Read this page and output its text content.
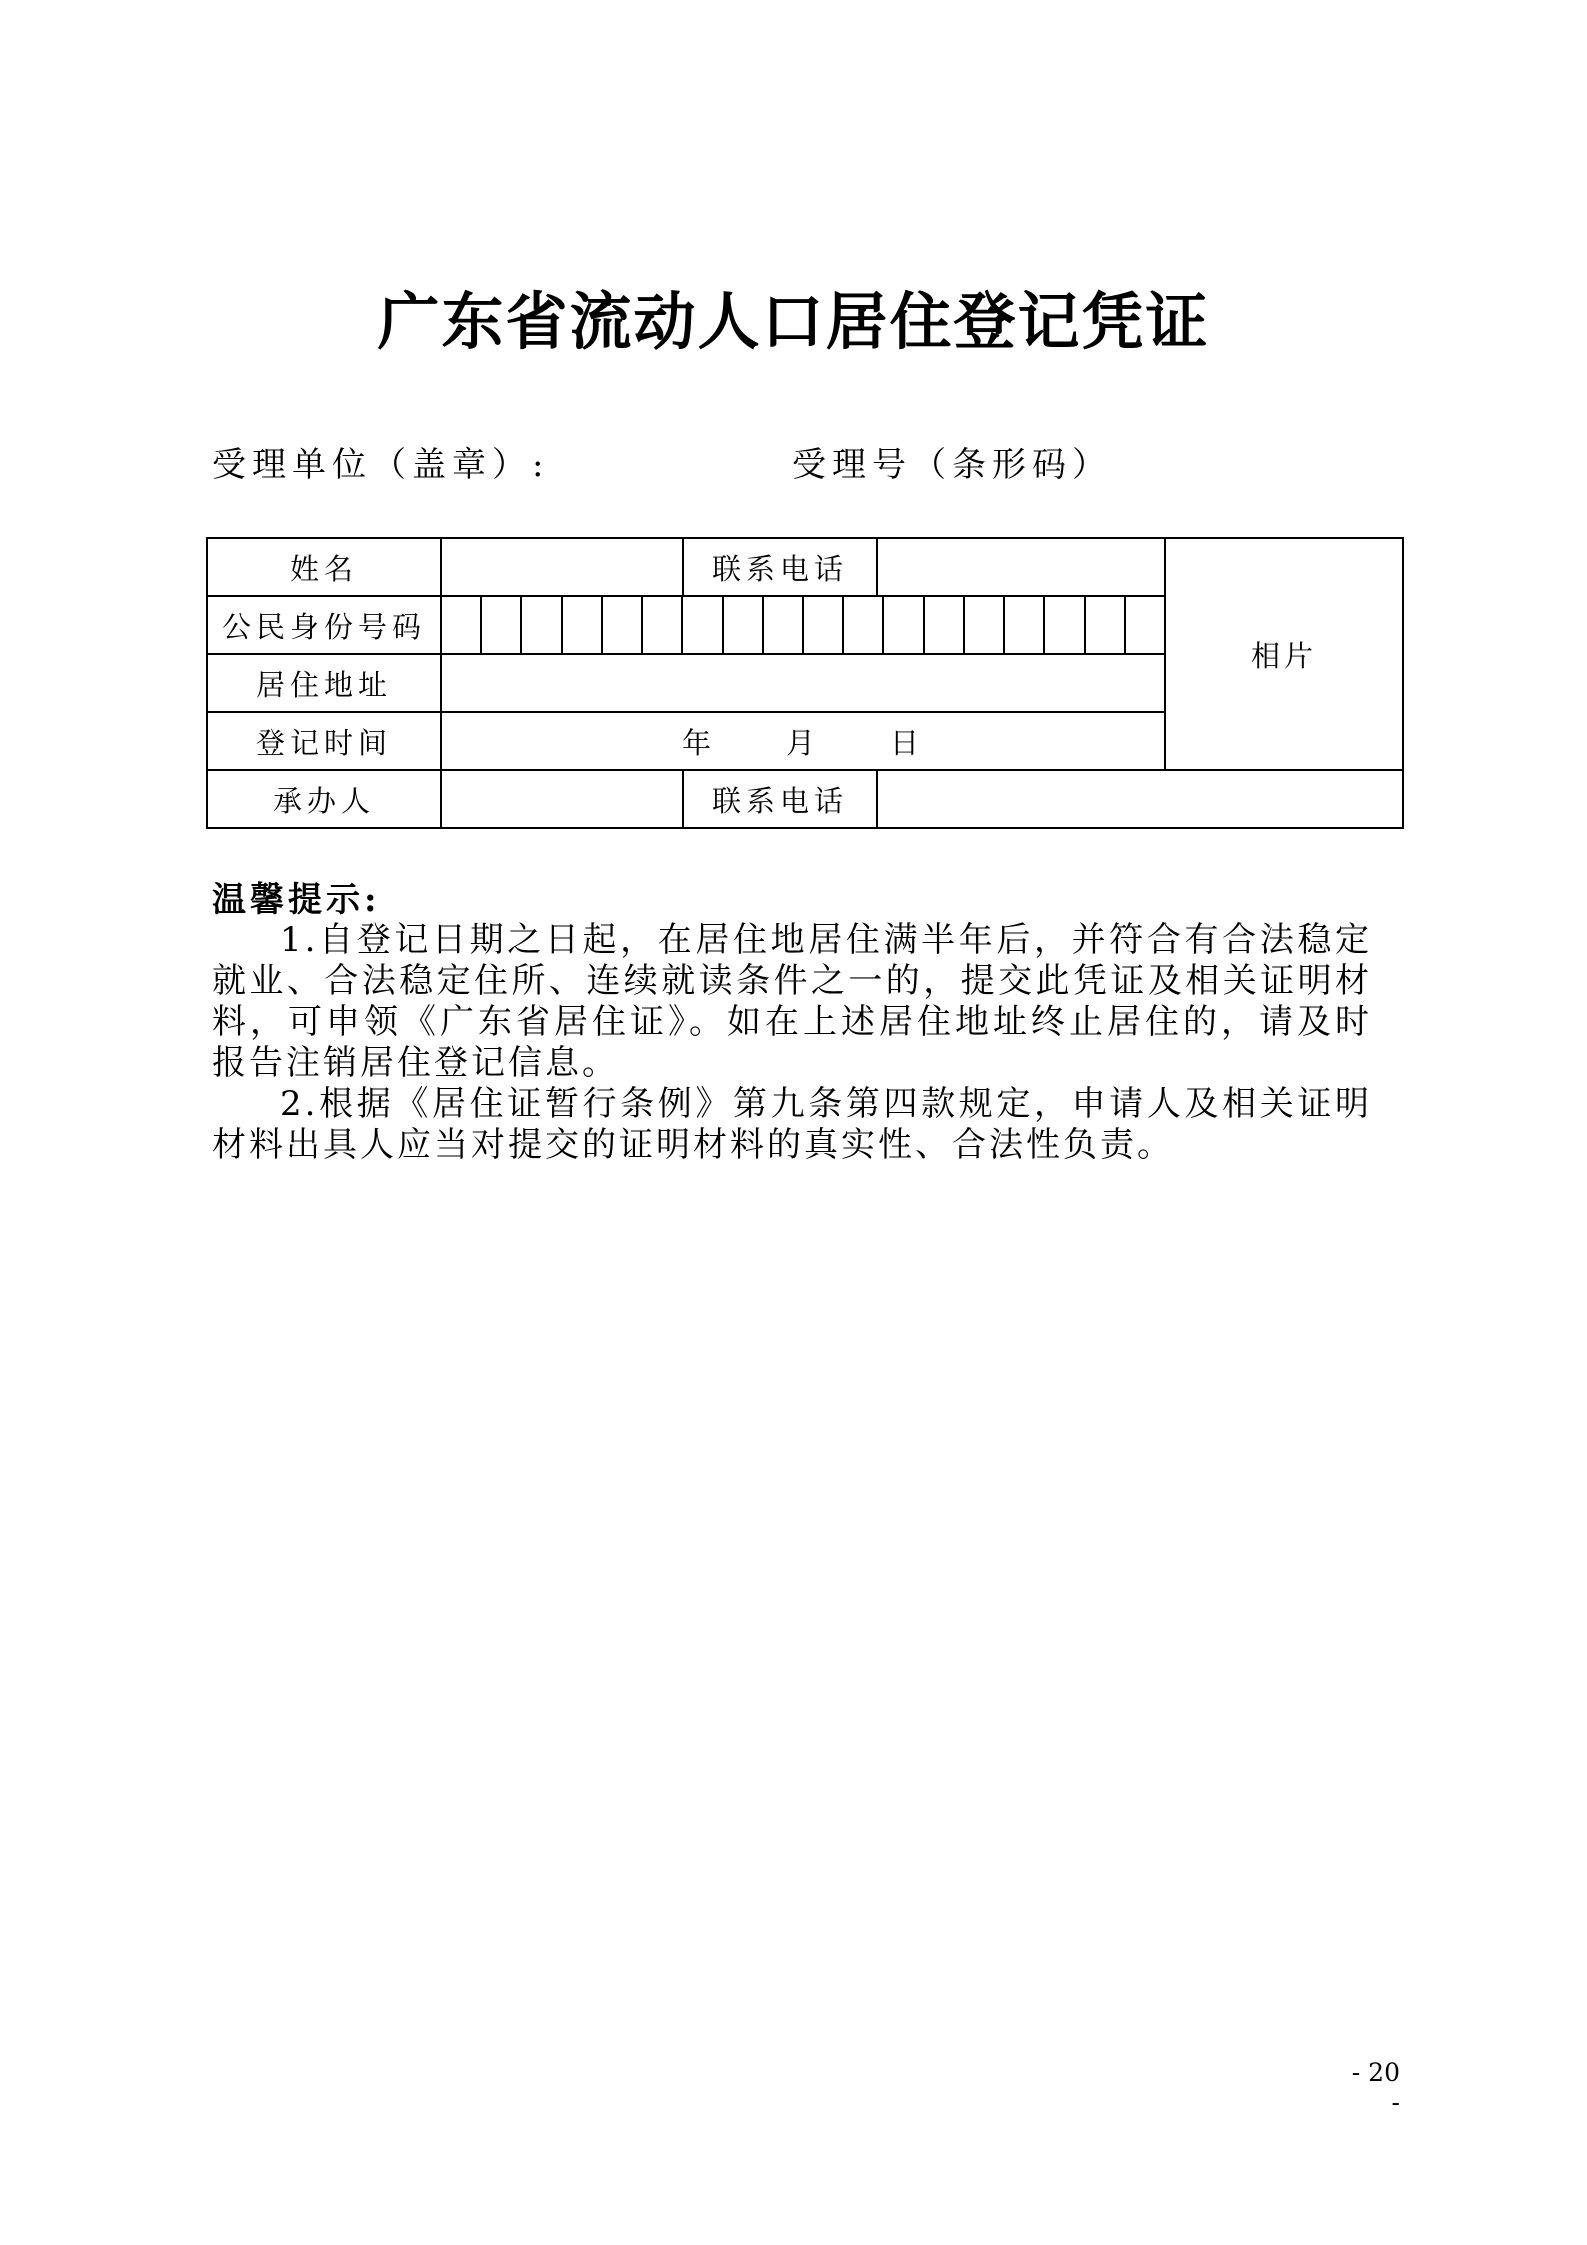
广东省流动人口居住登记凭证
受理单位（盖章）:	受理号（条形码）
姓名		联系电话		相片
公民身份号码				

居住地址				
登记时间	年 月 日			

承办人		联系电话		
温馨提示:

1.自登记日期之日起，在居住地居住满半年后，并符合有合法稳定就业、合法稳定住所、连续就读条件之一的，提交此凭证及相关证明材料，可申领《广东省居住证》。如在上述居住地址终止居住的，请及时报告注销居住登记信息。

2.根据《居住证暂行条例》第九条第四款规定，申请人及相关证明材料出具人应当对提交的证明材料的真实性、合法性负责。

- 20 -
